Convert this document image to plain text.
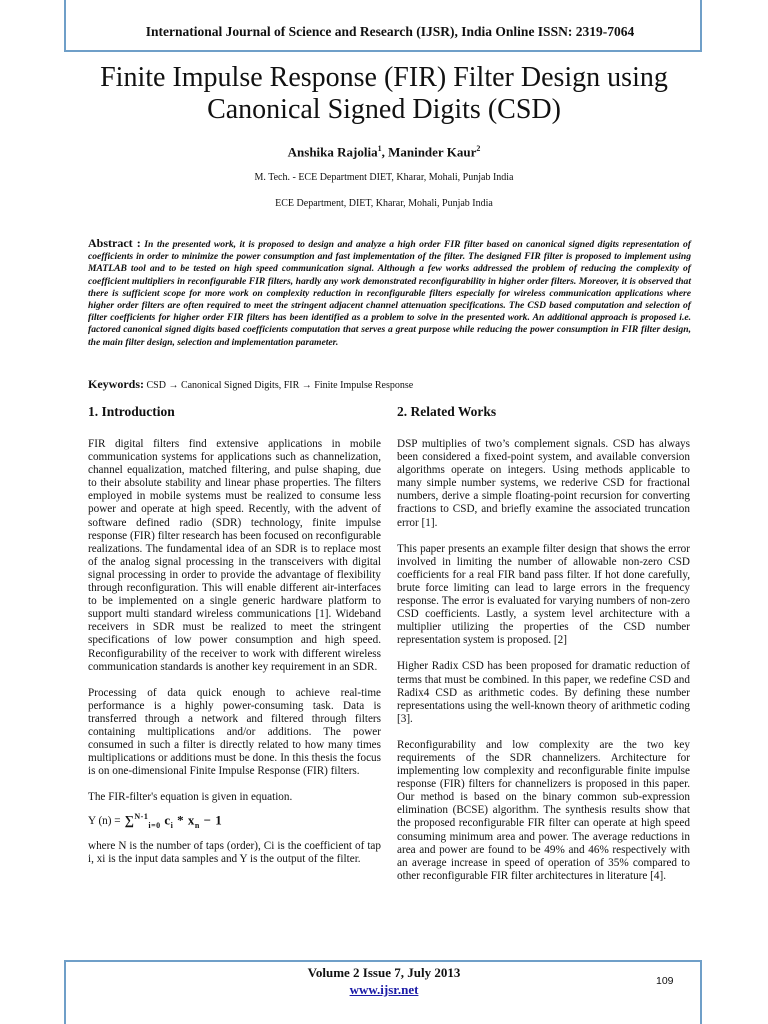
International Journal of Science and Research (IJSR), India Online ISSN: 2319-7064
Finite Impulse Response (FIR) Filter Design using
Canonical Signed Digits (CSD)
Anshika Rajolia$^1$, Maninder Kaur$^2$
M. Tech. - ECE Department DIET, Kharar, Mohali, Punjab India
ECE Department, DIET, Kharar, Mohali, Punjab India
Abstract : In the presented work, it is proposed to design and analyze a high order FIR filter based on canonical signed digits representation of coefficients in order to minimize the power consumption and fast implementation of the filter. The designed FIR filter is proposed to implement using MATLAB tool and to be tested on high speed communication signal. Although a few works addressed the problem of reducing the complexity of coefficient multipliers in reconfigurable FIR filters, hardly any work demonstrated reconfigurability in higher order filters. Moreover, it is observed that there is sufficient scope for more work on complexity reduction in reconfigurable filters especially for wireless communication applications where higher order filters are often required to meet the stringent adjacent channel attenuation specifications. The CSD based computation and selection of filter coefficients for higher order FIR filters has been identified as a problem to solve in the presented work. An additional approach is proposed i.e. factored canonical signed digits based coefficients computation that serves a great purpose while reducing the power consumption in FIR filter design, the main filter design, selection and implementation parameter.
Keywords: CSD → Canonical Signed Digits, FIR → Finite Impulse Response
1. Introduction

FIR digital filters find extensive applications in mobile communication systems for applications such as channelization, channel equalization, matched filtering, and pulse shaping, due to their absolute stability and linear phase properties. The filters employed in mobile systems must be realized to consume less power and operate at high speed. Recently, with the advent of software defined radio (SDR) technology, finite impulse response (FIR) filter research has been focused on reconfigurable realizations. The fundamental idea of an SDR is to replace most of the analog signal processing in the transceivers with digital signal processing in order to provide the advantage of flexibility through reconfiguration. This will enable different air-interfaces to be implemented on a single generic hardware platform to support multi standard wireless communications [1]. Wideband receivers in SDR must be realized to meet the stringent specifications of low power consumption and high speed. Reconfigurability of the receiver to work with different wireless communication standards is another key requirement in an SDR.

Processing of data quick enough to achieve real-time performance is a highly power-consuming task. Data is transferred through a network and filtered through filters containing multiplications and/or additions. The power consumed in such a filter is directly related to how many times multiplications or additions must be done. In this thesis the focus is on one-dimensional Finite Impulse Response (FIR) filters.

The FIR-filter's equation is given in equation.

Y (n) = ∑$^{N-1}_{i=0}$ $c_i * x_n - 1$

where N is the number of taps (order), Ci is the coefficient of tap i, xi is the input data samples and Y is the output of the filter.

2. Related Works

DSP multiplies of two’s complement signals. CSD has always been considered a fixed-point system, and available conversion algorithms operate on integers. Using methods applicable to many simple number systems, we rederive CSD for fractional numbers, derive a simple floating-point recursion for converting fractions to CSD, and briefly examine the associated truncation error [1].

This paper presents an example filter design that shows the error involved in limiting the number of allowable non-zero CSD coefficients for a real FIR band pass filter. If hot done carefully, brute force limiting can lead to large errors in the frequency response. The error is evaluated for varying numbers of non-zero CSD coefficients. Lastly, a system level architecture with a multiplier utilizing the properties of the CSD number representation system is proposed. [2]

Higher Radix CSD has been proposed for dramatic reduction of terms that must be combined. In this paper, we redefine CSD and Radix4 CSD as arithmetic codes. By defining these number representations using the well-known theory of arithmetic coding [3].

Reconfigurability and low complexity are the two key requirements of the SDR channelizers. Architecture for implementing low complexity and reconfigurable finite impulse response (FIR) filters for channelizers is proposed in this paper. Our method is based on the binary common sub-expression elimination (BCSE) algorithm. The synthesis results show that the proposed reconfigurable FIR filter can operate at high speed consuming minimum area and power. The average reductions in area and power are found to be 49% and 46% respectively with an average increase in speed of operation of 35% compared to other reconfigurable FIR filter architectures in literature [4].

Volume 2 Issue 7, July 2013
www.ijsr.net
109
